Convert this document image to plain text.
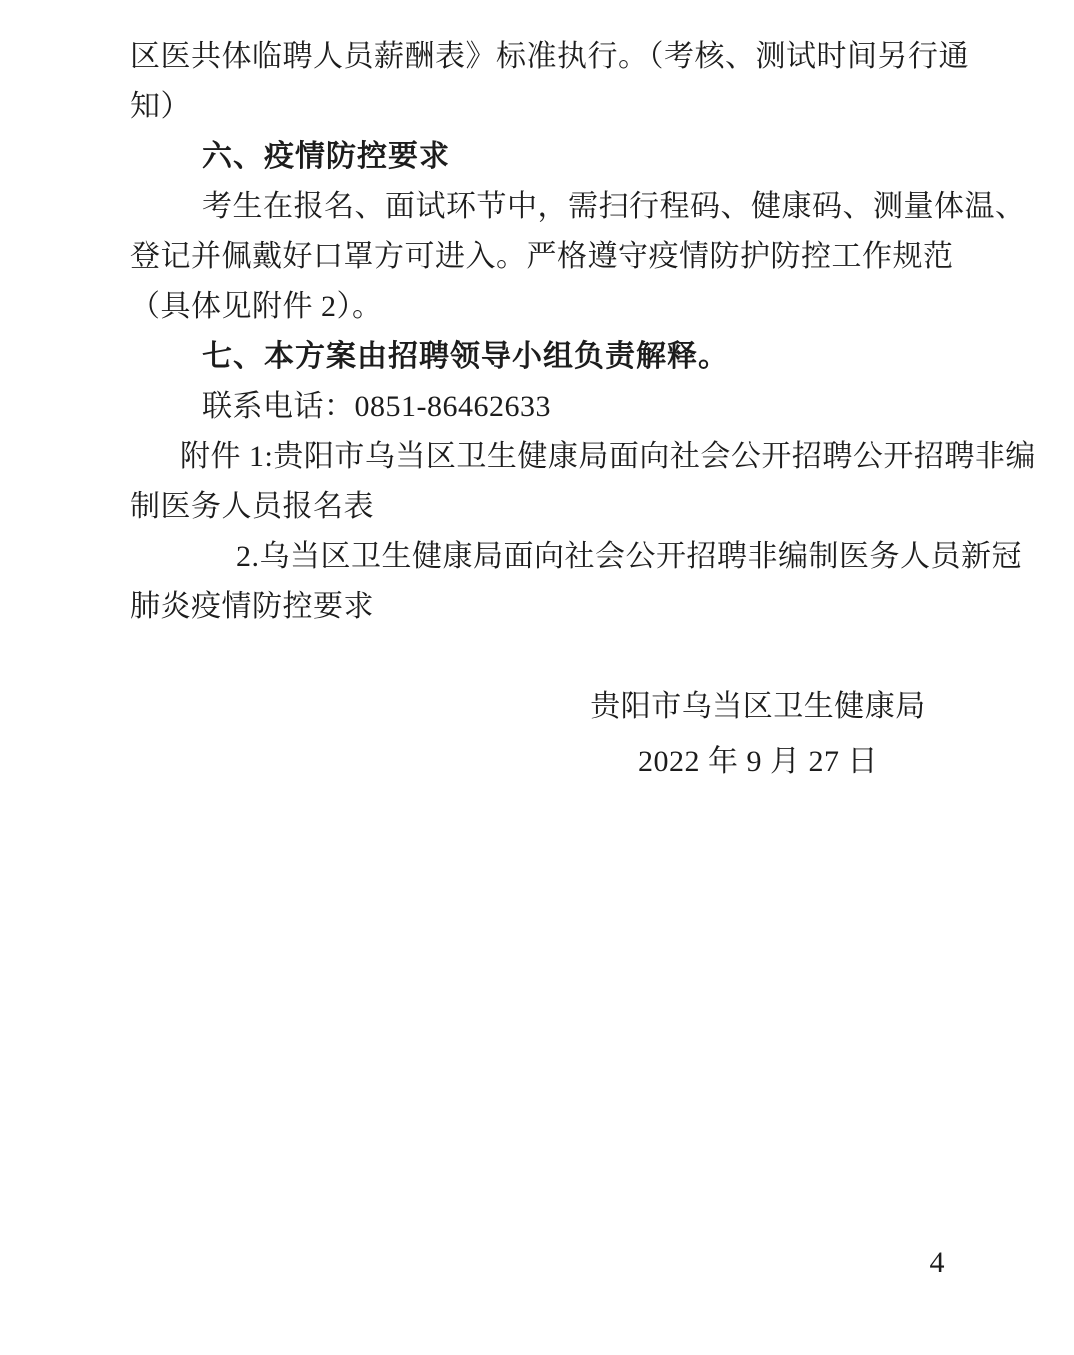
区医共体临聘人员薪酬表》标准执行。（考核、测试时间另行通

知）

六、疫情防控要求

考生在报名、面试环节中，需扫行程码、健康码、测量体温、

登记并佩戴好口罩方可进入。严格遵守疫情防护防控工作规范

（具体见附件 2）。

七、本方案由招聘领导小组负责解释。

联系电话：0851-86462633

附件 1:贵阳市乌当区卫生健康局面向社会公开招聘公开招聘非编

制医务人员报名表

2.乌当区卫生健康局面向社会公开招聘非编制医务人员新冠

肺炎疫情防控要求

贵阳市乌当区卫生健康局

2022 年 9 月 27 日

4
